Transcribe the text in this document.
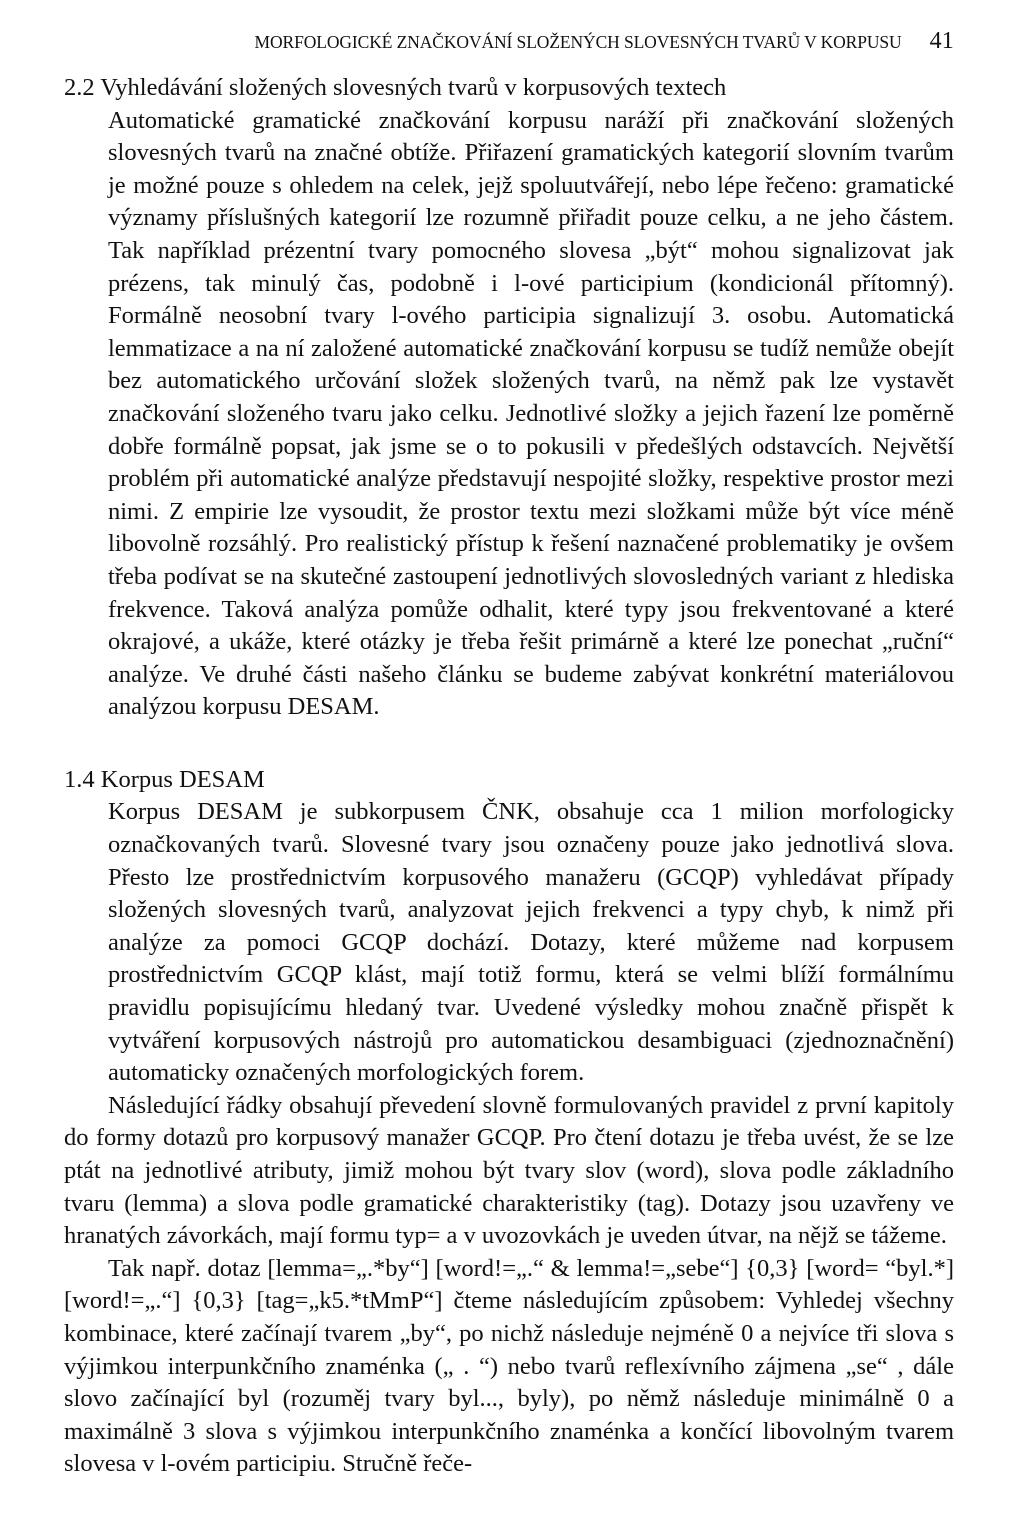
MORFOLOGICKÉ ZNAČKOVÁNÍ SLOŽENÝCH SLOVESNÝCH TVARŮ V KORPUSU 41
2.2 Vyhledávání složených slovesných tvarů v korpusových textech

Automatické gramatické značkování korpusu naráží při značkování složených slovesných tvarů na značné obtíže. Přiřazení gramatických kategorií slovním tvarům je možné pouze s ohledem na celek, jejž spoluutvářejí, nebo lépe řečeno: gramatické významy příslušných kategorií lze rozumně přiřadit pouze celku, a ne jeho částem. Tak například prézentní tvary pomocného slovesa „být“ mohou signalizovat jak prézens, tak minulý čas, podobně i l-ové participium (kondicionál přítomný). Formálně neosobní tvary l-ového participia signalizují 3. osobu. Automatická lemmatizace a na ní založené automatické značkování korpusu se tudíž nemůže obejít bez automatického určování složek složených tvarů, na němž pak lze vystavět značkování složeného tvaru jako celku. Jednotlivé složky a jejich řazení lze poměrně dobře formálně popsat, jak jsme se o to pokusili v předešlých odstavcích. Největší problém při automatické analýze představují nespojité složky, respektive prostor mezi nimi. Z empirie lze vysoudit, že prostor textu mezi složkami může být více méně libovolně rozsáhlý. Pro realistický přístup k řešení naznačené problematiky je ovšem třeba podívat se na skutečné zastoupení jednotlivých slovosledných variant z hlediska frekvence. Taková analýza pomůže odhalit, které typy jsou frekventované a které okrajové, a ukáže, které otázky je třeba řešit primárně a které lze ponechat „ruční“ analýze. Ve druhé části našeho článku se budeme zabývat konkrétní materiálovou analýzou korpusu DESAM.

1.4 Korpus DESAM

Korpus DESAM je subkorpusem ČNK, obsahuje cca 1 milion morfologicky označkovaných tvarů. Slovesné tvary jsou označeny pouze jako jednotlivá slova. Přesto lze prostřednictvím korpusového manažeru (GCQP) vyhledávat případy složených slovesných tvarů, analyzovat jejich frekvenci a typy chyb, k nimž při analýze za pomoci GCQP dochází. Dotazy, které můžeme nad korpusem prostřednictvím GCQP klást, mají totiž formu, která se velmi blíží formálnímu pravidlu popisujícímu hledaný tvar. Uvedené výsledky mohou značně přispět k vytváření korpusových nástrojů pro automatickou desambiguaci (zjednoznačnění) automaticky označených morfologických forem.

Následující řádky obsahují převedení slovně formulovaných pravidel z první kapitoly do formy dotazů pro korpusový manažer GCQP. Pro čtení dotazu je třeba uvést, že se lze ptát na jednotlivé atributy, jimiž mohou být tvary slov (word), slova podle základního tvaru (lemma) a slova podle gramatické charakteristiky (tag). Dotazy jsou uzavřeny ve hranatých závorkách, mají formu typ= a v uvozovkách je uveden útvar, na nějž se tážeme.

Tak např. dotaz [lemma=„.*by“] [word!=„.“ & lemma!=„sebe“] {0,3} [word= “byl.*] [word!=„.“] {0,3} [tag=„k5.*tMmP“] čteme následujícím způsobem: Vyhledej všechny kombinace, které začínají tvarem „by“, po nichž následuje nejméně 0 a nejvíce tři slova s výjimkou interpunkčního znaménka („ . “) nebo tvarů reflexívního zájmena „se“ , dále slovo začínající byl (rozuměj tvary byl..., byly), po němž následuje minimálně 0 a maximálně 3 slova s výjimkou interpunkčního znaménka a končící libovolným tvarem slovesa v l-ovém participiu. Stručně řeče-
